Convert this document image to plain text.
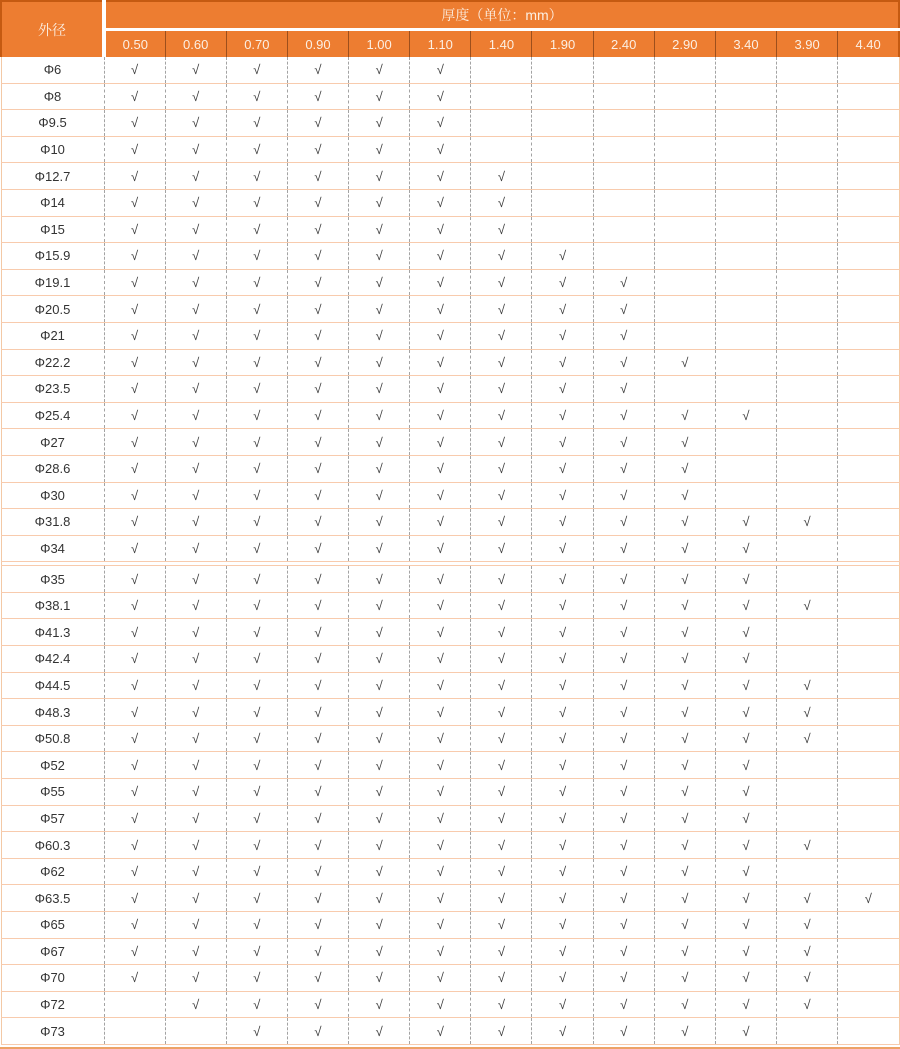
外径	厚度（单位：mm）												
	0.50	0.60	0.70	0.90	1.00	1.10	1.40	1.90	2.40	2.90	3.40	3.90	4.40
Φ6	√	√	√	√	√	√							
Φ8	√	√	√	√	√	√							
Φ9.5	√	√	√	√	√	√							
Φ10	√	√	√	√	√	√							
Φ12.7	√	√	√	√	√	√	√						
Φ14	√	√	√	√	√	√	√						
Φ15	√	√	√	√	√	√	√						
Φ15.9	√	√	√	√	√	√	√	√					
Φ19.1	√	√	√	√	√	√	√	√	√				
Φ20.5	√	√	√	√	√	√	√	√	√				
Φ21	√	√	√	√	√	√	√	√	√				
Φ22.2	√	√	√	√	√	√	√	√	√	√			
Φ23.5	√	√	√	√	√	√	√	√	√				
Φ25.4	√	√	√	√	√	√	√	√	√	√	√		
Φ27	√	√	√	√	√	√	√	√	√	√			
Φ28.6	√	√	√	√	√	√	√	√	√	√			
Φ30	√	√	√	√	√	√	√	√	√	√			
Φ31.8	√	√	√	√	√	√	√	√	√	√	√	√	
Φ34	√	√	√	√	√	√	√	√	√	√	√		

Φ35	√	√	√	√	√	√	√	√	√	√	√		
Φ38.1	√	√	√	√	√	√	√	√	√	√	√	√	
Φ41.3	√	√	√	√	√	√	√	√	√	√	√		
Φ42.4	√	√	√	√	√	√	√	√	√	√	√		
Φ44.5	√	√	√	√	√	√	√	√	√	√	√	√	
Φ48.3	√	√	√	√	√	√	√	√	√	√	√	√	
Φ50.8	√	√	√	√	√	√	√	√	√	√	√	√	
Φ52	√	√	√	√	√	√	√	√	√	√	√		
Φ55	√	√	√	√	√	√	√	√	√	√	√		
Φ57	√	√	√	√	√	√	√	√	√	√	√		
Φ60.3	√	√	√	√	√	√	√	√	√	√	√	√	
Φ62	√	√	√	√	√	√	√	√	√	√	√		
Φ63.5	√	√	√	√	√	√	√	√	√	√	√	√	√
Φ65	√	√	√	√	√	√	√	√	√	√	√	√	
Φ67	√	√	√	√	√	√	√	√	√	√	√	√	
Φ70	√	√	√	√	√	√	√	√	√	√	√	√	
Φ72		√	√	√	√	√	√	√	√	√	√	√	
Φ73			√	√	√	√	√	√	√	√	√		
